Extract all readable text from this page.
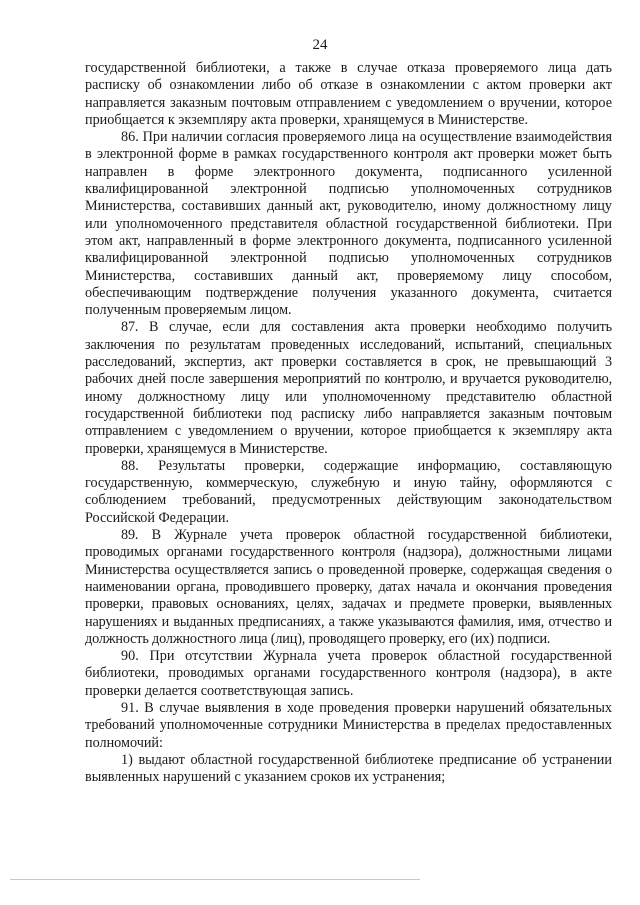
24

государственной библиотеки, а также в случае отказа проверяемого лица дать расписку об ознакомлении либо об отказе в ознакомлении с актом проверки акт направляется заказным почтовым отправлением с уведомлением о вручении, которое приобщается к экземпляру акта проверки, хранящемуся в Министерстве.

86. При наличии согласия проверяемого лица на осуществление взаимодействия в электронной форме в рамках государственного контроля акт проверки может быть направлен в форме электронного документа, подписанного усиленной квалифицированной электронной подписью уполномоченных сотрудников Министерства, составивших данный акт, руководителю, иному должностному лицу или уполномоченного представителя областной государственной библиотеки. При этом акт, направленный в форме электронного документа, подписанного усиленной квалифицированной электронной подписью уполномоченных сотрудников Министерства, составивших данный акт, проверяемому лицу способом, обеспечивающим подтверждение получения указанного документа, считается полученным проверяемым лицом.

87. В случае, если для составления акта проверки необходимо получить заключения по результатам проведенных исследований, испытаний, специальных расследований, экспертиз, акт проверки составляется в срок, не превышающий 3 рабочих дней после завершения мероприятий по контролю, и вручается руководителю, иному должностному лицу или уполномоченному представителю областной государственной библиотеки под расписку либо направляется заказным почтовым отправлением с уведомлением о вручении, которое приобщается к экземпляру акта проверки, хранящемуся в Министерстве.

88. Результаты проверки, содержащие информацию, составляющую государственную, коммерческую, служебную и иную тайну, оформляются с соблюдением требований, предусмотренных действующим законодательством Российской Федерации.

89. В Журнале учета проверок областной государственной библиотеки, проводимых органами государственного контроля (надзора), должностными лицами Министерства осуществляется запись о проведенной проверке, содержащая сведения о наименовании органа, проводившего проверку, датах начала и окончания проведения проверки, правовых основаниях, целях, задачах и предмете проверки, выявленных нарушениях и выданных предписаниях, а также указываются фамилия, имя, отчество и должность должностного лица (лиц), проводящего проверку, его (их) подписи.

90. При отсутствии Журнала учета проверок областной государственной библиотеки, проводимых органами государственного контроля (надзора), в акте проверки делается соответствующая запись.

91. В случае выявления в ходе проведения проверки нарушений обязательных требований уполномоченные сотрудники Министерства в пределах предоставленных полномочий:

1) выдают областной государственной библиотеке предписание об устранении выявленных нарушений с указанием сроков их устранения;
